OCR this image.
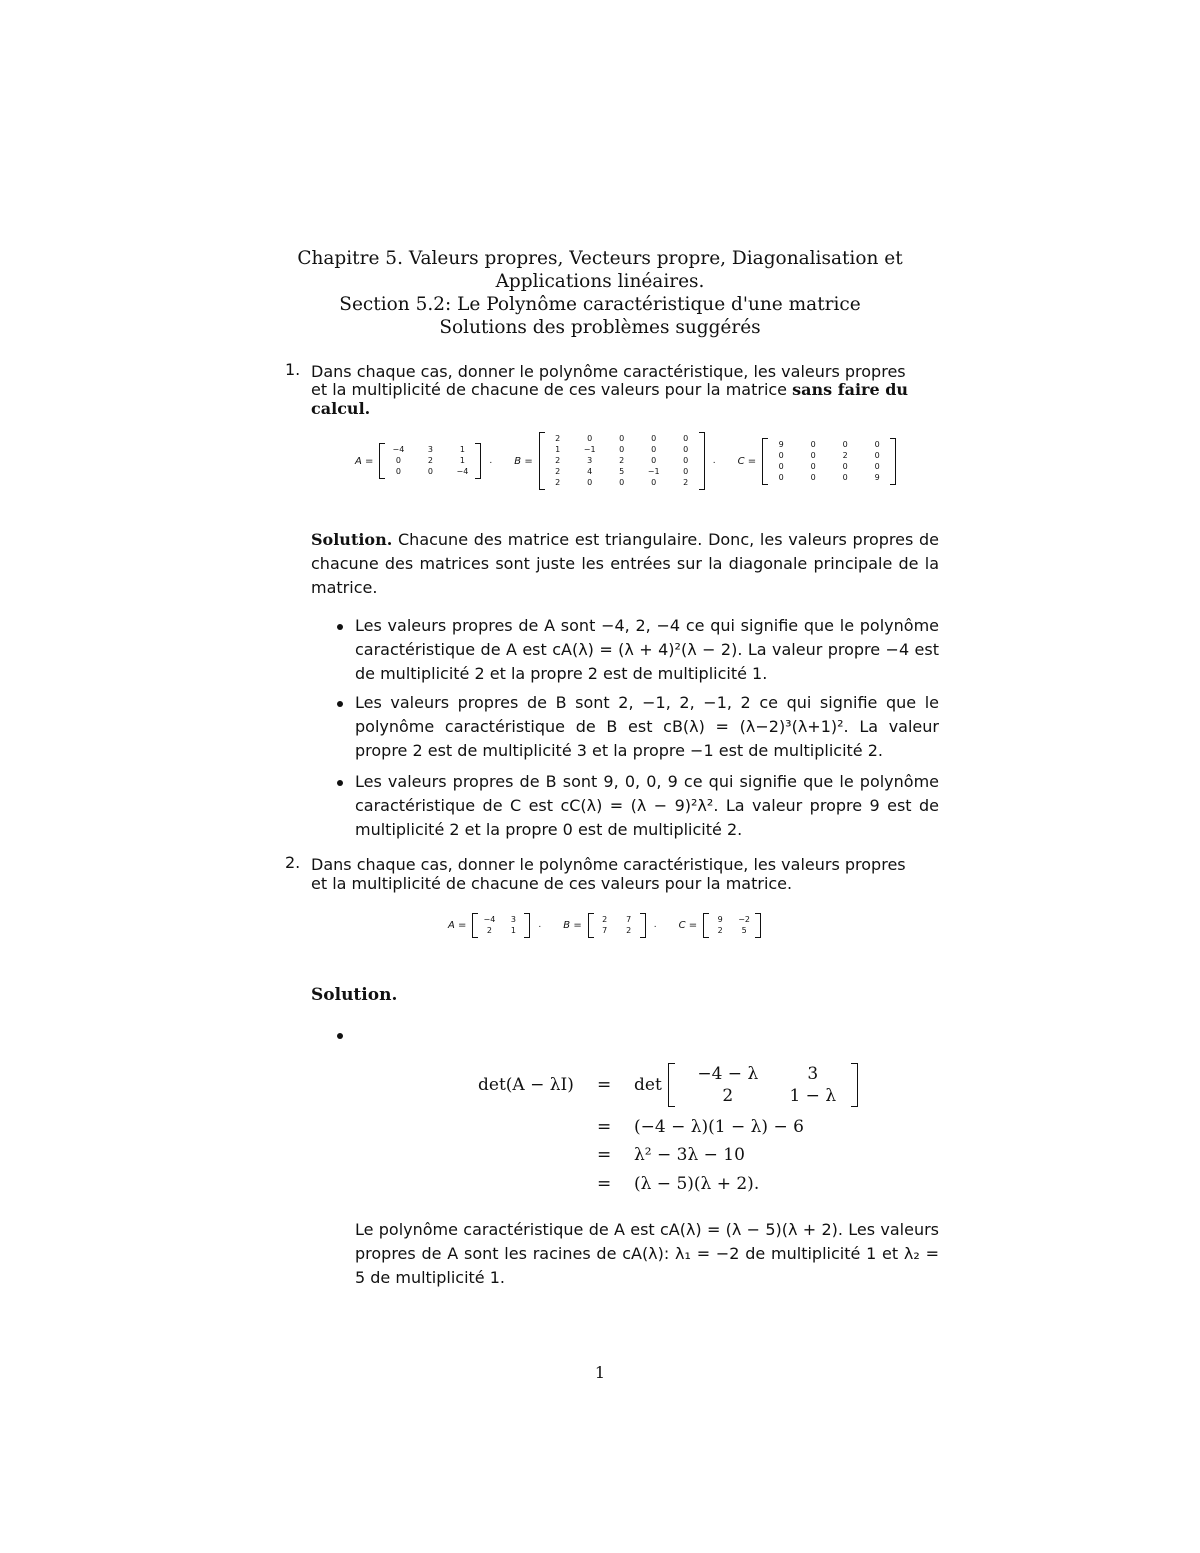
Chapitre 5. Valeurs propres, Vecteurs propre, Diagonalisation et
Applications linéaires.
Section 5.2: Le Polynôme caractéristique d'une matrice
Solutions des problèmes suggérés
1. Dans chaque cas, donner le polynôme caractéristique, les valeurs propres
et la multiplicité de chacune de ces valeurs pour la matrice sans faire du
calcul.
A =
−4	3	1
0	2	1
0	0	−4
. B =
2	0	0	0	0
1	−1	0	0	0
2	3	2	0	0
2	4	5	−1	0
2	0	0	0	2
. C =
9	0	0	0
0	0	2	0
0	0	0	0
0	0	0	9
Solution. Chacune des matrice est triangulaire. Donc, les valeurs propres de chacune des matrices sont juste les entrées sur la diagonale principale de la matrice.
Les valeurs propres de A sont −4, 2, −4 ce qui signifie que le polynôme caractéristique de A est cA(λ) = (λ + 4)²(λ − 2). La valeur propre −4 est de multiplicité 2 et la propre 2 est de multiplicité 1.
Les valeurs propres de B sont 2, −1, 2, −1, 2 ce qui signifie que le polynôme caractéristique de B est cB(λ) = (λ−2)³(λ+1)². La valeur propre 2 est de multiplicité 3 et la propre −1 est de multiplicité 2.
Les valeurs propres de B sont 9, 0, 0, 9 ce qui signifie que le polynôme caractéristique de C est cC(λ) = (λ − 9)²λ². La valeur propre 9 est de multiplicité 2 et la propre 0 est de multiplicité 2.
2. Dans chaque cas, donner le polynôme caractéristique, les valeurs propres
et la multiplicité de chacune de ces valeurs pour la matrice.
A =
−4	3
2	1	. B =
2	7
7	2	. C =
9	−2
2	5
Solution.
det(A − λI) = det
−4 − λ	3
2	1 − λ
= (−4 − λ)(1 − λ) − 6
= λ² − 3λ − 10
= (λ − 5)(λ + 2).
Le polynôme caractéristique de A est cA(λ) = (λ − 5)(λ + 2). Les valeurs propres de A sont les racines de cA(λ): λ₁ = −2 de multiplicité 1 et λ₂ = 5 de multiplicité 1.
1
